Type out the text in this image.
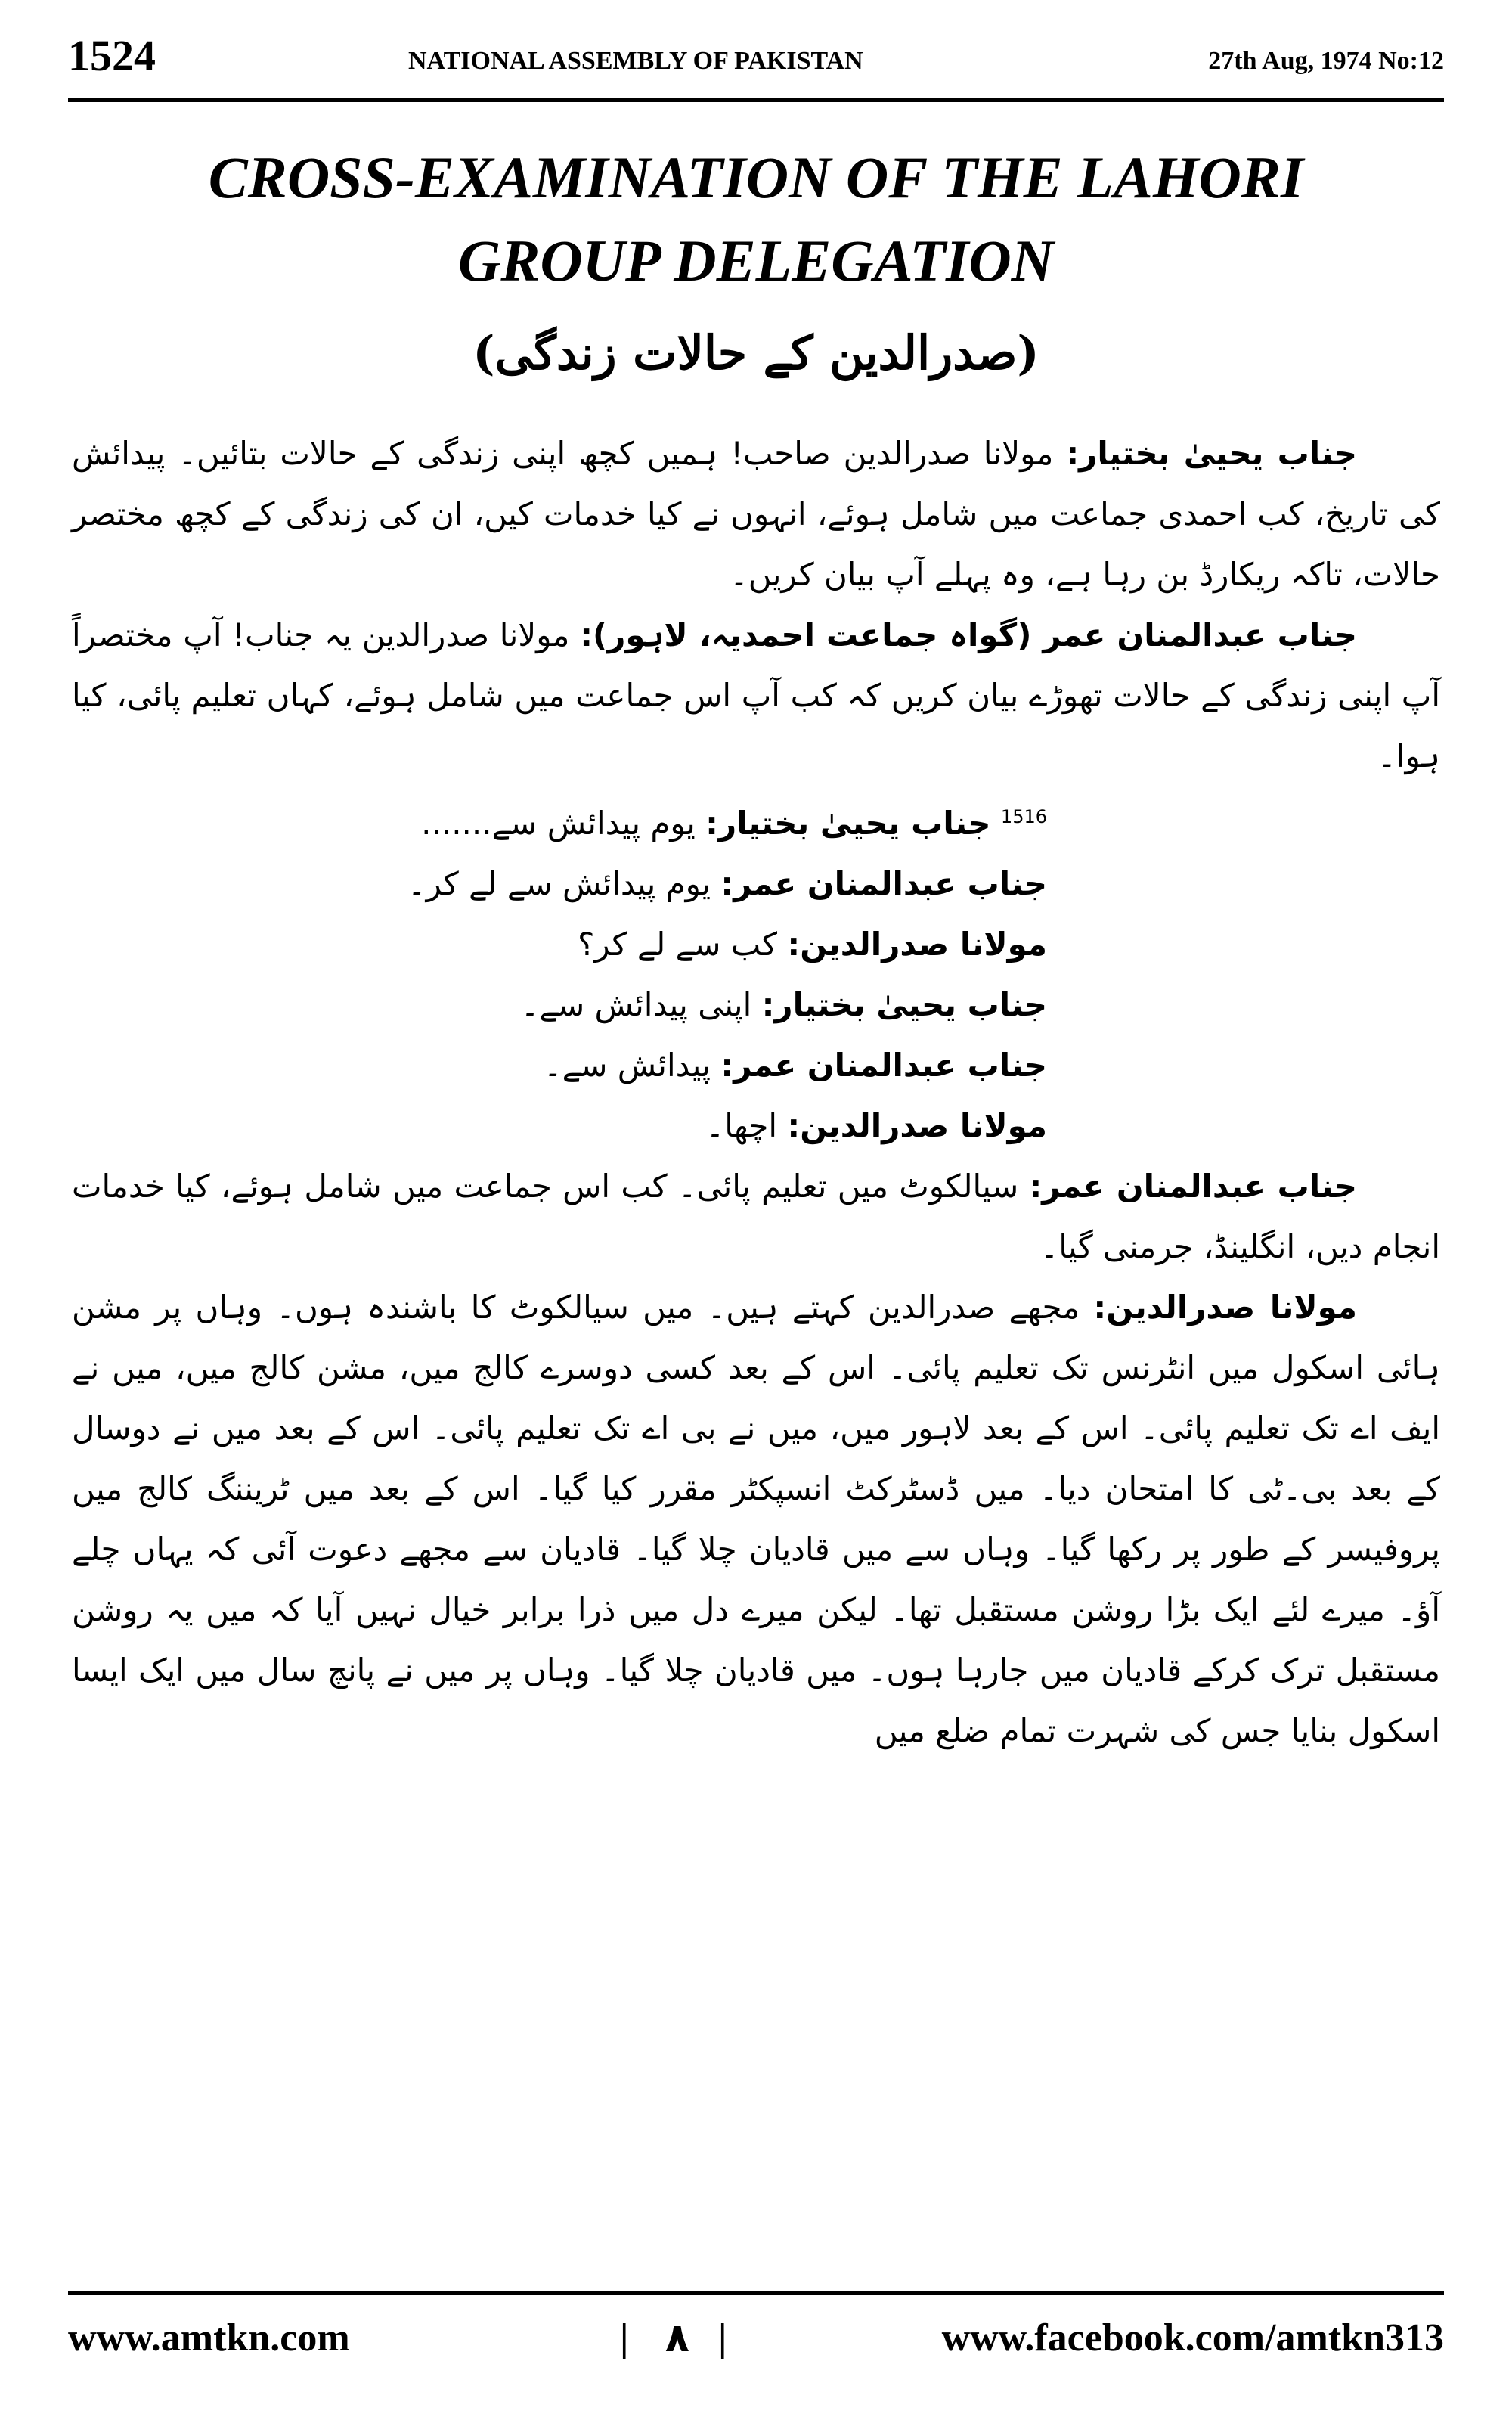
1524	NATIONAL ASSEMBLY OF PAKISTAN	27th Aug, 1974 No:12
CROSS-EXAMINATION OF THE LAHORI
GROUP DELEGATION
(صدرالدین کے حالات زندگی)

جناب یحییٰ بختیار: مولانا صدرالدین صاحب! ہمیں کچھ اپنی زندگی کے حالات بتائیں۔ پیدائش کی تاریخ، کب احمدی جماعت میں شامل ہوئے، انہوں نے کیا خدمات کیں، ان کی زندگی کے کچھ مختصر حالات، تاکہ ریکارڈ بن رہا ہے، وہ پہلے آپ بیان کریں۔

جناب عبدالمنان عمر (گواہ جماعت احمدیہ، لاہور): مولانا صدرالدین یہ جناب! آپ مختصراً آپ اپنی زندگی کے حالات تھوڑے بیان کریں کہ کب آپ اس جماعت میں شامل ہوئے، کہاں تعلیم پائی، کیا ہوا۔

$^{1516}$ جناب یحییٰ بختیار: یوم پیدائش سے.......

جناب عبدالمنان عمر: یوم پیدائش سے لے کر۔

مولانا صدرالدین: کب سے لے کر؟

جناب یحییٰ بختیار: اپنی پیدائش سے۔

جناب عبدالمنان عمر: پیدائش سے۔

مولانا صدرالدین: اچھا۔

جناب عبدالمنان عمر: سیالکوٹ میں تعلیم پائی۔ کب اس جماعت میں شامل ہوئے، کیا خدمات انجام دیں، انگلینڈ، جرمنی گیا۔

مولانا صدرالدین: مجھے صدرالدین کہتے ہیں۔ میں سیالکوٹ کا باشندہ ہوں۔ وہاں پر مشن ہائی اسکول میں انٹرنس تک تعلیم پائی۔ اس کے بعد کسی دوسرے کالج میں، مشن کالج میں، میں نے ایف اے تک تعلیم پائی۔ اس کے بعد لاہور میں، میں نے بی اے تک تعلیم پائی۔ اس کے بعد میں نے دوسال کے بعد بی۔ٹی کا امتحان دیا۔ میں ڈسٹرکٹ انسپکٹر مقرر کیا گیا۔ اس کے بعد میں ٹریننگ کالج میں پروفیسر کے طور پر رکھا گیا۔ وہاں سے میں قادیان چلا گیا۔ قادیان سے مجھے دعوت آئی کہ یہاں چلے آؤ۔ میرے لئے ایک بڑا روشن مستقبل تھا۔ لیکن میرے دل میں ذرا برابر خیال نہیں آیا کہ میں یہ روشن مستقبل ترک کرکے قادیان میں جارہا ہوں۔ میں قادیان چلا گیا۔ وہاں پر میں نے پانچ سال میں ایک ایسا اسکول بنایا جس کی شہرت تمام ضلع میں

www.amtkn.com	| ٨ |	www.facebook.com/amtkn313
